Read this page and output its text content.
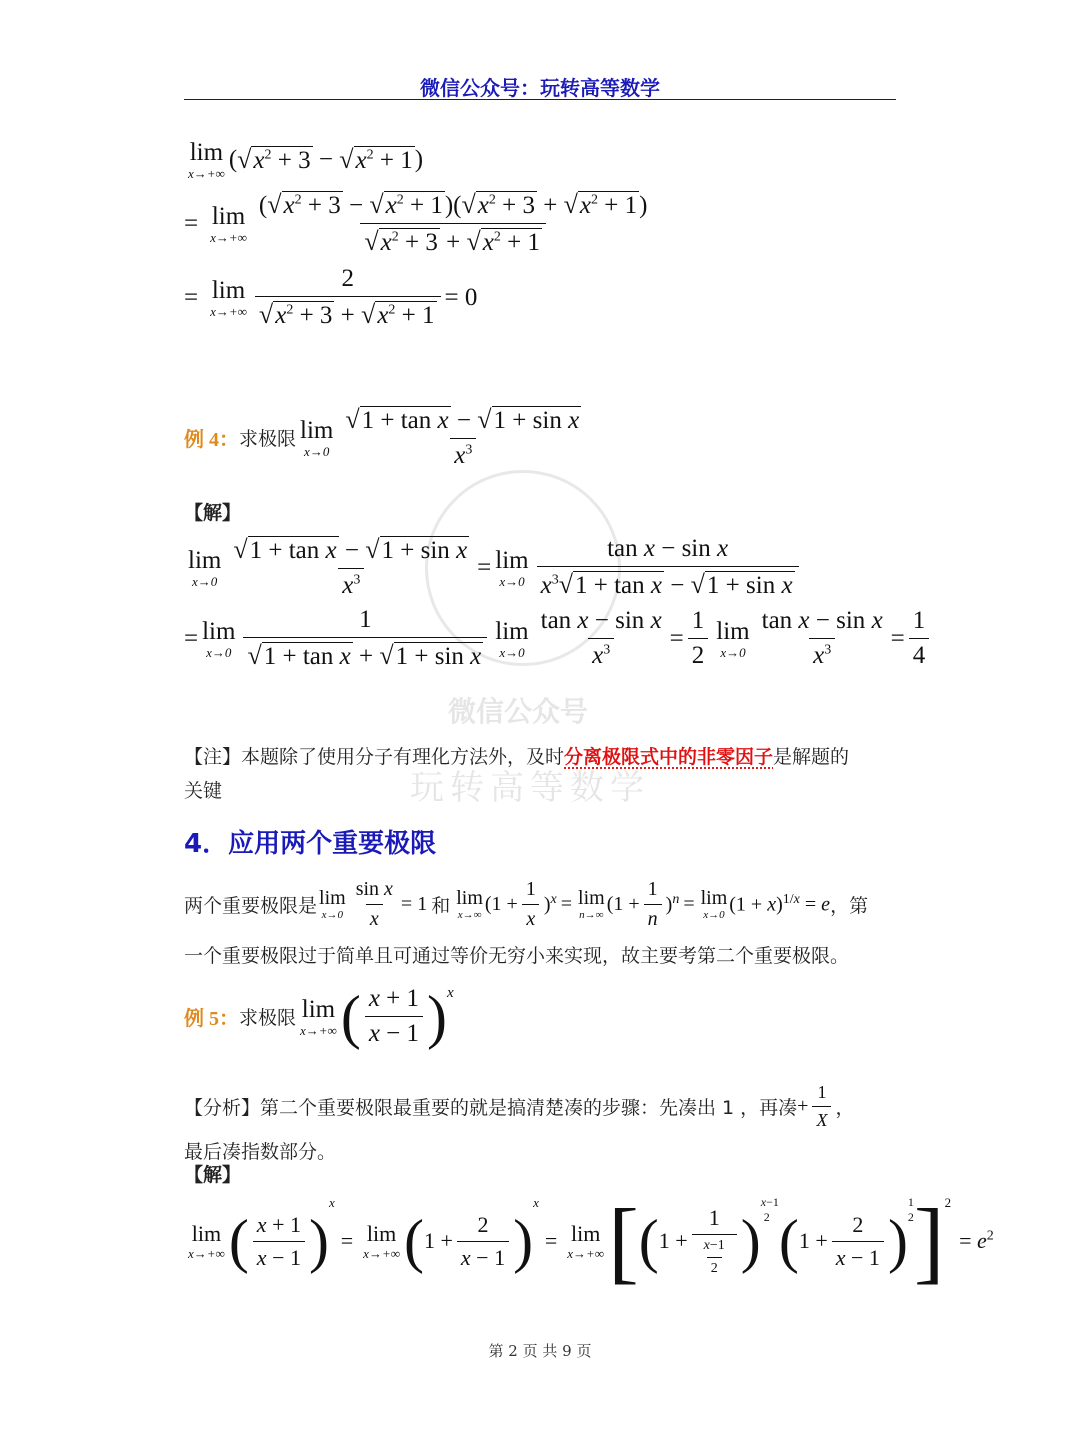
微信公众号：玩转高等数学
微信公众号
玩转高等数学
lim
x→+∞
( √ $x^2 + 3$ − √ $x^2 + 1$ )
= lim
x→+∞
$(√x^2 + 3 - √x^2 + 1)(√x^2 + 3 + √x^2 + 1)$
$√x^2 + 3 + √x^2 + 1$
= lim
$x\to+\infty \frac{2}{√x^2 + 3 + √x^2 + 1} = 0$
例 4： 求极限 lim
x→0
√1 + tan x − √1 + sin x
$x^3$
【解】
lim
$x\to 0 \frac{\text{√1 + tan x − √1 + sin x}}{x^3} = \lim$
x→0
tan x − sin x
$x^3√1 + \tan x - √1 + \sin x$
= lim
x→0
1
√1 + tan x + √1 + sin x
lim
$x\to 0 \frac{\text{tan x − sin x}}{x^3} = \frac{1}{2}$ lim
$x\to 0 \frac{\text{tan x − sin x}}{x^3} = \frac{1}{4}$
【注】本题除了使用分子有理化方法外，及时分离极限式中的非零因子是解题的
关键
4．应用两个重要极限
两个重要极限是 lim
$x\to 0 \frac{\text{sin x}}{x} = 1$ 和 lim
x→∞ $(1 + \frac{1}{x} )^x = \lim$
n→∞ $(1 + \frac{1}{n} )^n = \lim$
x→0 $(1 + x)^{1/x} = e$ ，第
一个重要极限过于简单且可通过等价无穷小来实现，故主要考第二个重要极限。
例 5： 求极限 lim
x→+∞ ( x + 1
x − 1 ) x
【分析】第二个重要极限最重要的就是搞清楚凑的步骤：先凑出 1 ，再凑 + $\frac{1}{X}$ ，
最后凑指数部分。
【解】
lim
x→+∞ ( x + 1
x − 1 )
x
= lim
x→+∞ ( $1 + \frac{2}{x - 1}$ )
x
= lim
x→+∞ [ ( $1 + \frac{1}{\frac{x-1}{2}}$ )
x−1
2 ( $1 + \frac{2}{x - 1}$ )
1
2 ] 2
= $e^2$
第 2 页 共 9 页
